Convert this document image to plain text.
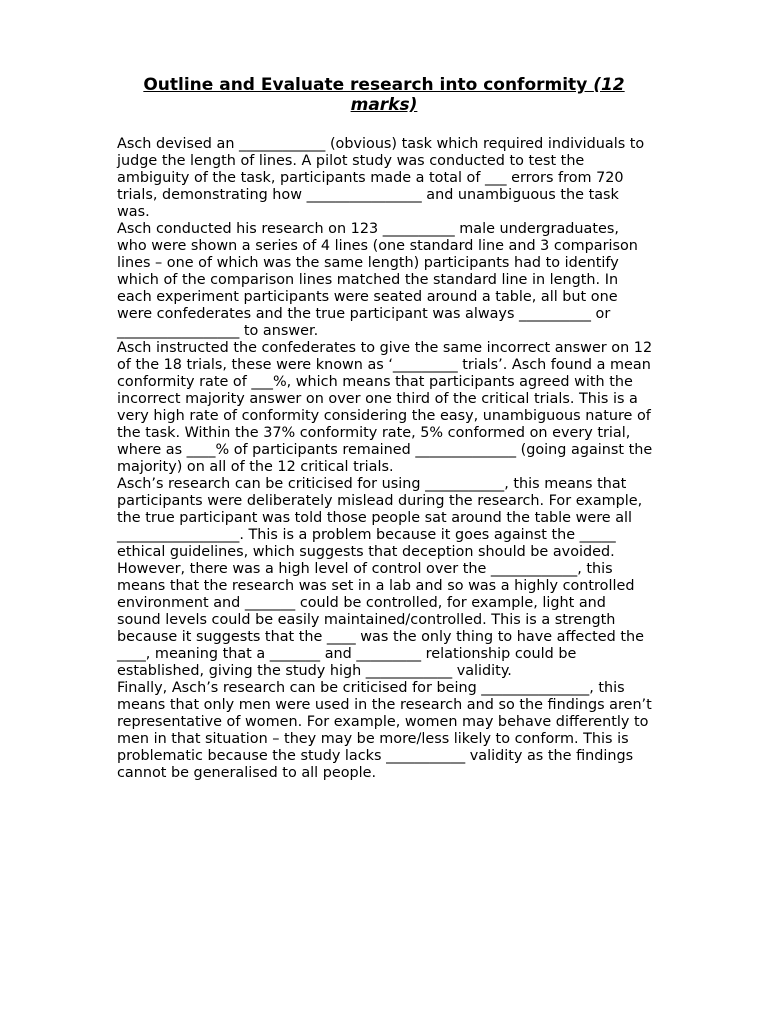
Outline and Evaluate research into conformity (12 marks)

Asch devised an ____________ (obvious) task which required individuals to judge the length of lines. A pilot study was conducted to test the ambiguity of the task, participants made a total of ___ errors from 720 trials, demonstrating how ________________ and unambiguous the task was.

Asch conducted his research on 123 __________ male undergraduates, who were shown a series of 4 lines (one standard line and 3 comparison lines – one of which was the same length) participants had to identify which of the comparison lines matched the standard line in length. In each experiment participants were seated around a table, all but one were confederates and the true participant was always __________ or _________________ to answer.

Asch instructed the confederates to give the same incorrect answer on 12 of the 18 trials, these were known as ‘_________ trials’. Asch found a mean conformity rate of ___%, which means that participants agreed with the incorrect majority answer on over one third of the critical trials. This is a very high rate of conformity considering the easy, unambiguous nature of the task. Within the 37% conformity rate, 5% conformed on every trial, where as ____% of participants remained ______________ (going against the majority) on all of the 12 critical trials.

Asch’s research can be criticised for using ___________, this means that participants were deliberately mislead during the research. For example, the true participant was told those people sat around the table were all _________________. This is a problem because it goes against the _____ ethical guidelines, which suggests that deception should be avoided.

However, there was a high level of control over the ____________, this means that the research was set in a lab and so was a highly controlled environment and _______ could be controlled, for example, light and sound levels could be easily maintained/controlled. This is a strength because it suggests that the ____ was the only thing to have affected the ____, meaning that a _______ and _________ relationship could be established, giving the study high ____________ validity.

Finally, Asch’s research can be criticised for being _______________, this means that only men were used in the research and so the findings aren’t representative of women. For example, women may behave differently to men in that situation – they may be more/less likely to conform. This is problematic because the study lacks ___________ validity as the findings cannot be generalised to all people.
